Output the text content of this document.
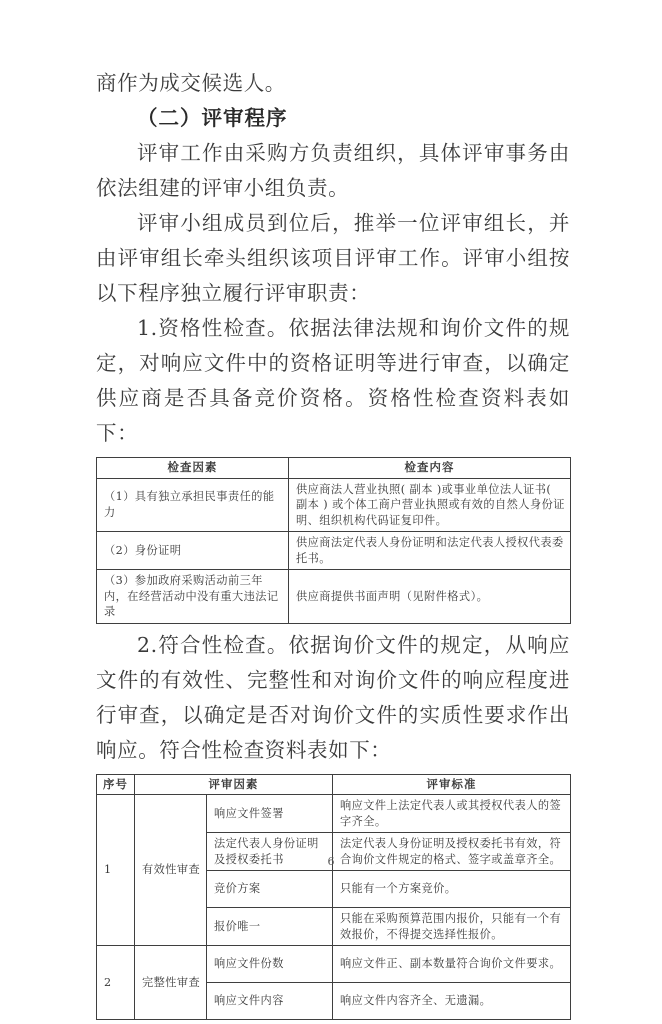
商作为成交候选人。

（二）评审程序

评审工作由采购方负责组织，具体评审事务由依法组建的评审小组负责。

评审小组成员到位后，推举一位评审组长，并由评审组长牵头组织该项目评审工作。评审小组按以下程序独立履行评审职责：

1.资格性检查。依据法律法规和询价文件的规定，对响应文件中的资格证明等进行审查，以确定供应商是否具备竞价资格。资格性检查资料表如下：

检查因素	检查内容
（1）具有独立承担民事责任的能力	供应商法人营业执照( 副本 )或事业单位法人证书( 副本 ) 或个体工商户营业执照或有效的自然人身份证明、组织机构代码证复印件。
（2）身份证明	供应商法定代表人身份证明和法定代表人授权代表委托书。
（3）参加政府采购活动前三年内，在经营活动中没有重大违法记录	供应商提供书面声明（见附件格式）。

2.符合性检查。依据询价文件的规定，从响应文件的有效性、完整性和对询价文件的响应程度进行审查，以确定是否对询价文件的实质性要求作出响应。符合性检查资料表如下：

序号	评审因素		评审标准
1	有效性审查	响应文件签署	响应文件上法定代表人或其授权代表人的签字齐全。
		法定代表人身份证明及授权委托书	法定代表人身份证明及授权委托书有效，符合询价文件规定的格式、签字或盖章齐全。
		竞价方案	只能有一个方案竞价。
		报价唯一	只能在采购预算范围内报价，只能有一个有效报价，不得提交选择性报价。
2	完整性审查	响应文件份数	响应文件正、副本数量符合询价文件要求。
		响应文件内容	响应文件内容齐全、无遗漏。
6
